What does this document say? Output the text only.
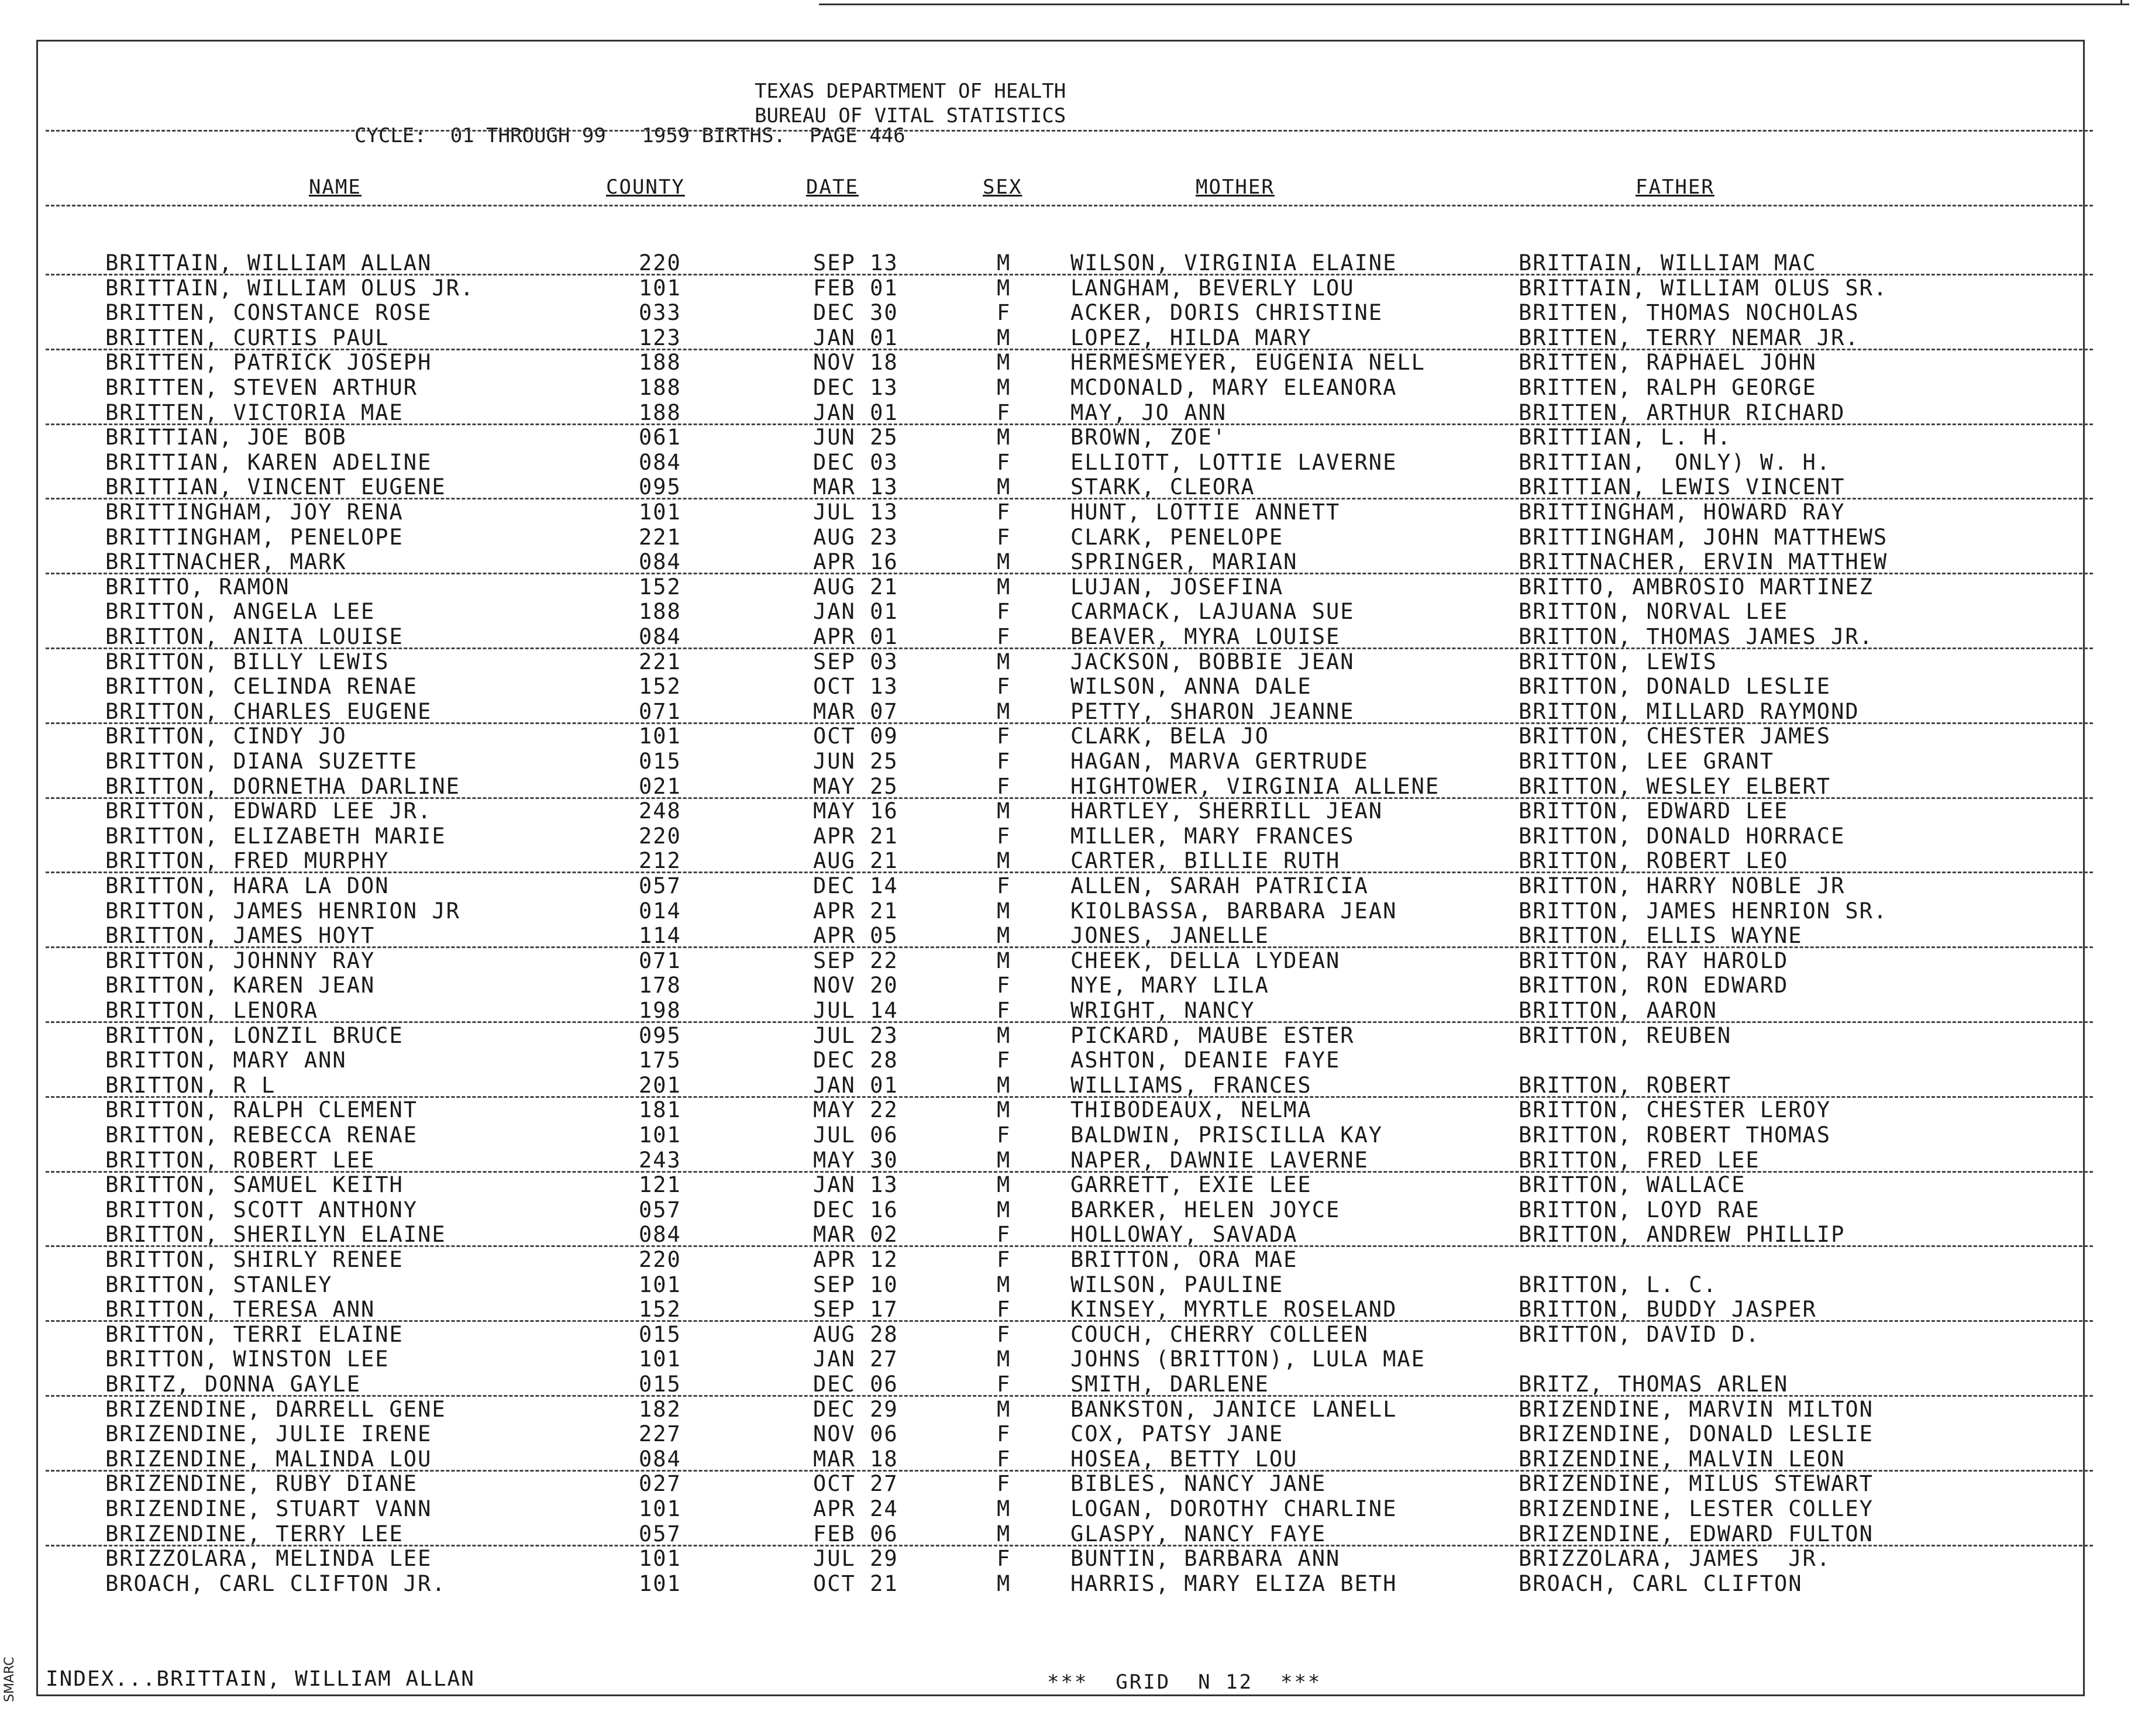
SMARC
TEXAS DEPARTMENT OF HEALTH
BUREAU OF VITAL STATISTICS
CYCLE:  01 THROUGH 99   1959 BIRTHS.  PAGE 446
NAME	COUNTY	DATE	SEX	MOTHER	FATHER
BRITTAIN, WILLIAM ALLAN	220	SEP 13	M	WILSON, VIRGINIA ELAINE	BRITTAIN, WILLIAM MAC
BRITTAIN, WILLIAM OLUS JR.	101	FEB 01	M	LANGHAM, BEVERLY LOU	BRITTAIN, WILLIAM OLUS SR.
BRITTEN, CONSTANCE ROSE	033	DEC 30	F	ACKER, DORIS CHRISTINE	BRITTEN, THOMAS NOCHOLAS
BRITTEN, CURTIS PAUL	123	JAN 01	M	LOPEZ, HILDA MARY	BRITTEN, TERRY NEMAR JR.
BRITTEN, PATRICK JOSEPH	188	NOV 18	M	HERMESMEYER, EUGENIA NELL	BRITTEN, RAPHAEL JOHN
BRITTEN, STEVEN ARTHUR	188	DEC 13	M	MCDONALD, MARY ELEANORA	BRITTEN, RALPH GEORGE
BRITTEN, VICTORIA MAE	188	JAN 01	F	MAY, JO ANN	BRITTEN, ARTHUR RICHARD
BRITTIAN, JOE BOB	061	JUN 25	M	BROWN, ZOE'	BRITTIAN, L. H.
BRITTIAN, KAREN ADELINE	084	DEC 03	F	ELLIOTT, LOTTIE LAVERNE	BRITTIAN,  ONLY) W. H.
BRITTIAN, VINCENT EUGENE	095	MAR 13	M	STARK, CLEORA	BRITTIAN, LEWIS VINCENT
BRITTINGHAM, JOY RENA	101	JUL 13	F	HUNT, LOTTIE ANNETT	BRITTINGHAM, HOWARD RAY
BRITTINGHAM, PENELOPE	221	AUG 23	F	CLARK, PENELOPE	BRITTINGHAM, JOHN MATTHEWS
BRITTNACHER, MARK	084	APR 16	M	SPRINGER, MARIAN	BRITTNACHER, ERVIN MATTHEW
BRITTO, RAMON	152	AUG 21	M	LUJAN, JOSEFINA	BRITTO, AMBROSIO MARTINEZ
BRITTON, ANGELA LEE	188	JAN 01	F	CARMACK, LAJUANA SUE	BRITTON, NORVAL LEE
BRITTON, ANITA LOUISE	084	APR 01	F	BEAVER, MYRA LOUISE	BRITTON, THOMAS JAMES JR.
BRITTON, BILLY LEWIS	221	SEP 03	M	JACKSON, BOBBIE JEAN	BRITTON, LEWIS
BRITTON, CELINDA RENAE	152	OCT 13	F	WILSON, ANNA DALE	BRITTON, DONALD LESLIE
BRITTON, CHARLES EUGENE	071	MAR 07	M	PETTY, SHARON JEANNE	BRITTON, MILLARD RAYMOND
BRITTON, CINDY JO	101	OCT 09	F	CLARK, BELA JO	BRITTON, CHESTER JAMES
BRITTON, DIANA SUZETTE	015	JUN 25	F	HAGAN, MARVA GERTRUDE	BRITTON, LEE GRANT
BRITTON, DORNETHA DARLINE	021	MAY 25	F	HIGHTOWER, VIRGINIA ALLENE	BRITTON, WESLEY ELBERT
BRITTON, EDWARD LEE JR.	248	MAY 16	M	HARTLEY, SHERRILL JEAN	BRITTON, EDWARD LEE
BRITTON, ELIZABETH MARIE	220	APR 21	F	MILLER, MARY FRANCES	BRITTON, DONALD HORRACE
BRITTON, FRED MURPHY	212	AUG 21	M	CARTER, BILLIE RUTH	BRITTON, ROBERT LEO
BRITTON, HARA LA DON	057	DEC 14	F	ALLEN, SARAH PATRICIA	BRITTON, HARRY NOBLE JR
BRITTON, JAMES HENRION JR	014	APR 21	M	KIOLBASSA, BARBARA JEAN	BRITTON, JAMES HENRION SR.
BRITTON, JAMES HOYT	114	APR 05	M	JONES, JANELLE	BRITTON, ELLIS WAYNE
BRITTON, JOHNNY RAY	071	SEP 22	M	CHEEK, DELLA LYDEAN	BRITTON, RAY HAROLD
BRITTON, KAREN JEAN	178	NOV 20	F	NYE, MARY LILA	BRITTON, RON EDWARD
BRITTON, LENORA	198	JUL 14	F	WRIGHT, NANCY	BRITTON, AARON
BRITTON, LONZIL BRUCE	095	JUL 23	M	PICKARD, MAUBE ESTER	BRITTON, REUBEN
BRITTON, MARY ANN	175	DEC 28	F	ASHTON, DEANIE FAYE
BRITTON, R L	201	JAN 01	M	WILLIAMS, FRANCES	BRITTON, ROBERT
BRITTON, RALPH CLEMENT	181	MAY 22	M	THIBODEAUX, NELMA	BRITTON, CHESTER LEROY
BRITTON, REBECCA RENAE	101	JUL 06	F	BALDWIN, PRISCILLA KAY	BRITTON, ROBERT THOMAS
BRITTON, ROBERT LEE	243	MAY 30	M	NAPER, DAWNIE LAVERNE	BRITTON, FRED LEE
BRITTON, SAMUEL KEITH	121	JAN 13	M	GARRETT, EXIE LEE	BRITTON, WALLACE
BRITTON, SCOTT ANTHONY	057	DEC 16	M	BARKER, HELEN JOYCE	BRITTON, LOYD RAE
BRITTON, SHERILYN ELAINE	084	MAR 02	F	HOLLOWAY, SAVADA	BRITTON, ANDREW PHILLIP
BRITTON, SHIRLY RENEE	220	APR 12	F	BRITTON, ORA MAE
BRITTON, STANLEY	101	SEP 10	M	WILSON, PAULINE	BRITTON, L. C.
BRITTON, TERESA ANN	152	SEP 17	F	KINSEY, MYRTLE ROSELAND	BRITTON, BUDDY JASPER
BRITTON, TERRI ELAINE	015	AUG 28	F	COUCH, CHERRY COLLEEN	BRITTON, DAVID D.
BRITTON, WINSTON LEE	101	JAN 27	M	JOHNS (BRITTON), LULA MAE
BRITZ, DONNA GAYLE	015	DEC 06	F	SMITH, DARLENE	BRITZ, THOMAS ARLEN
BRIZENDINE, DARRELL GENE	182	DEC 29	M	BANKSTON, JANICE LANELL	BRIZENDINE, MARVIN MILTON
BRIZENDINE, JULIE IRENE	227	NOV 06	F	COX, PATSY JANE	BRIZENDINE, DONALD LESLIE
BRIZENDINE, MALINDA LOU	084	MAR 18	F	HOSEA, BETTY LOU	BRIZENDINE, MALVIN LEON
BRIZENDINE, RUBY DIANE	027	OCT 27	F	BIBLES, NANCY JANE	BRIZENDINE, MILUS STEWART
BRIZENDINE, STUART VANN	101	APR 24	M	LOGAN, DOROTHY CHARLINE	BRIZENDINE, LESTER COLLEY
BRIZENDINE, TERRY LEE	057	FEB 06	M	GLASPY, NANCY FAYE	BRIZENDINE, EDWARD FULTON
BRIZZOLARA, MELINDA LEE	101	JUL 29	F	BUNTIN, BARBARA ANN	BRIZZOLARA, JAMES  JR.
BROACH, CARL CLIFTON JR.	101	OCT 21	M	HARRIS, MARY ELIZA BETH	BROACH, CARL CLIFTON
INDEX...BRITTAIN, WILLIAM ALLAN	***  GRID  N 12  ***
